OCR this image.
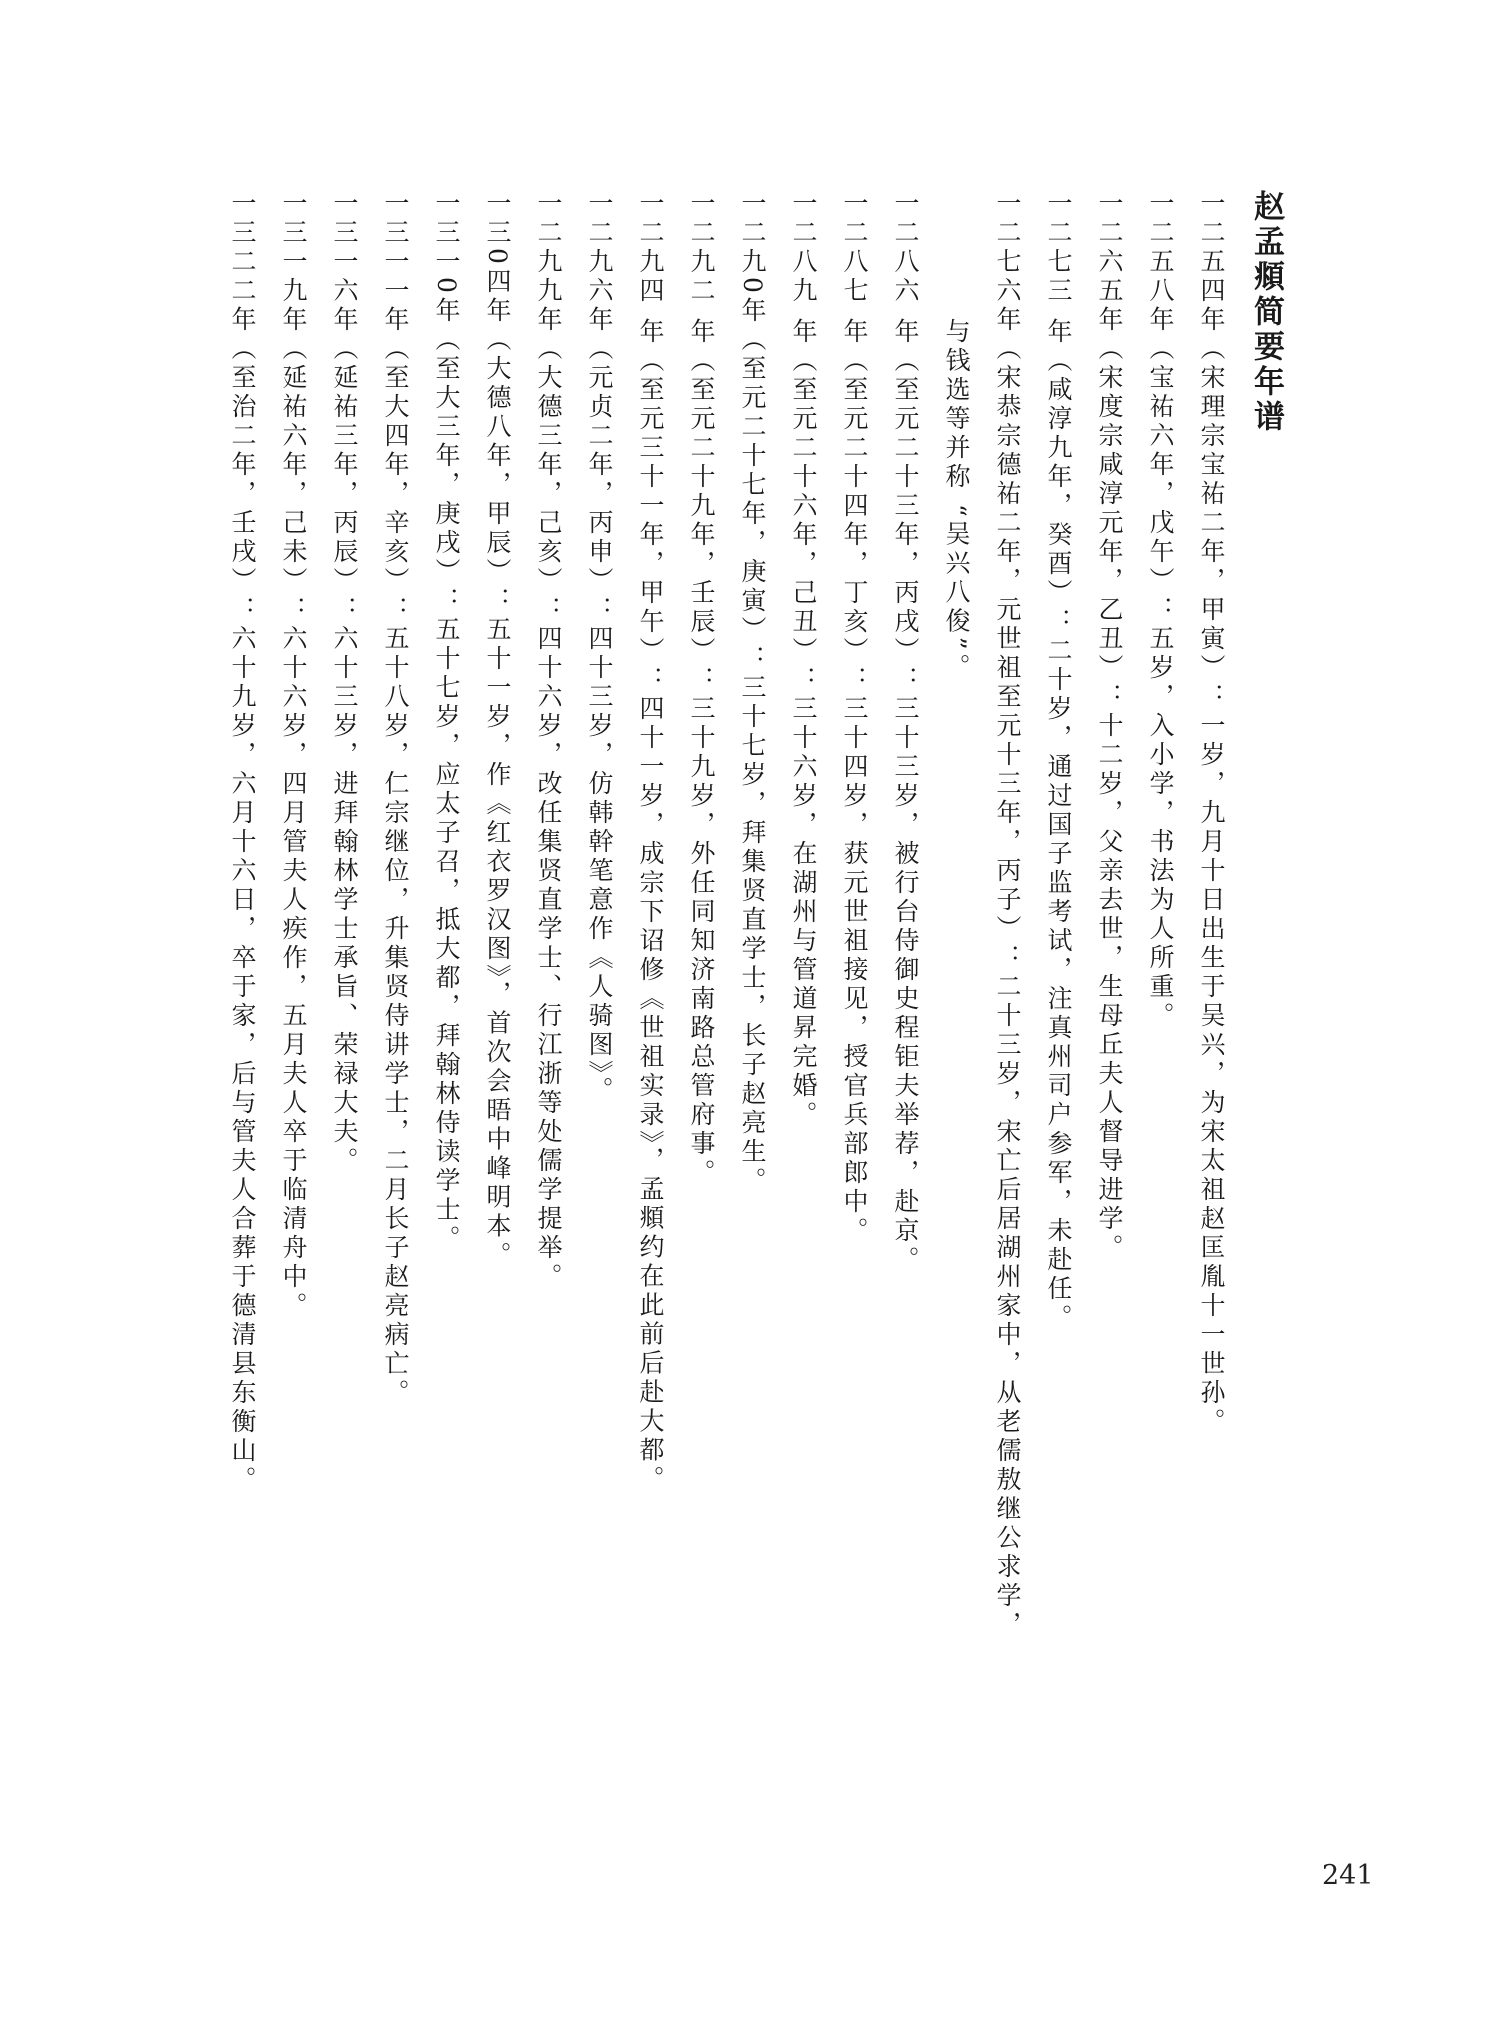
赵孟頫简要年谱

一二五四年（宋理宗宝祐二年，甲寅）：一岁，九月十日出生于吴兴，为宋太祖赵匡胤十一世孙。

一二五八年（宝祐六年，戊午）：五岁，入小学，书法为人所重。

一二六五年（宋度宗咸淳元年，乙丑）：十二岁，父亲去世，生母丘夫人督导进学。

一二七三 年（咸淳九年，癸酉）：二十岁，通过国子监考试，注真州司户参军，未赴任。

一二七六年（宋恭宗德祐二年，元世祖至元十三年，丙子）：二十三岁，宋亡后居湖州家中，从老儒敖继公求学，

与钱选等并称 “吴兴八俊”。

一二八六 年（至元二十三年，丙戌）：三十三岁，被行台侍御史程钜夫举荐，赴京。

一二八七 年（至元二十四年，丁亥）：三十四岁，获元世祖接见，授官兵部郎中。

一二八九 年（至元二十六年，己丑）：三十六岁，在湖州与管道昇完婚。

一二九0年（至元二十七年，庚寅）：三十七岁，拜集贤直学士，长子赵亮生。

一二九二 年（至元二十九年，壬辰）：三十九岁，外任同知济南路总管府事。

一二九四 年（至元三十一年，甲午）：四十一岁，成宗下诏修《世祖实录》，孟頫约在此前后赴大都。

一二九六年（元贞二年，丙申）：四十三岁，仿韩幹笔意作《人骑图》。

一二九九年（大德三年，己亥）：四十六岁，改任集贤直学士、行江浙等处儒学提举。

一三0四年（大德八年，甲辰）：五十一岁，作《红衣罗汉图》，首次会晤中峰明本。

一三一0年（至大三年，庚戌）：五十七岁，应太子召，抵大都，拜翰林侍读学士。

一三一一年（至大四年，辛亥）：五十八岁，仁宗继位，升集贤侍讲学士，二月长子赵亮病亡。

一三一六年（延祐三年，丙辰）：六十三岁，进拜翰林学士承旨、荣禄大夫。

一三一九年（延祐六年，己未）：六十六岁，四月管夫人疾作，五月夫人卒于临清舟中。

一三二二年（至治二年，壬戌）：六十九岁，六月十六日，卒于家，后与管夫人合葬于德清县东衡山。

241
